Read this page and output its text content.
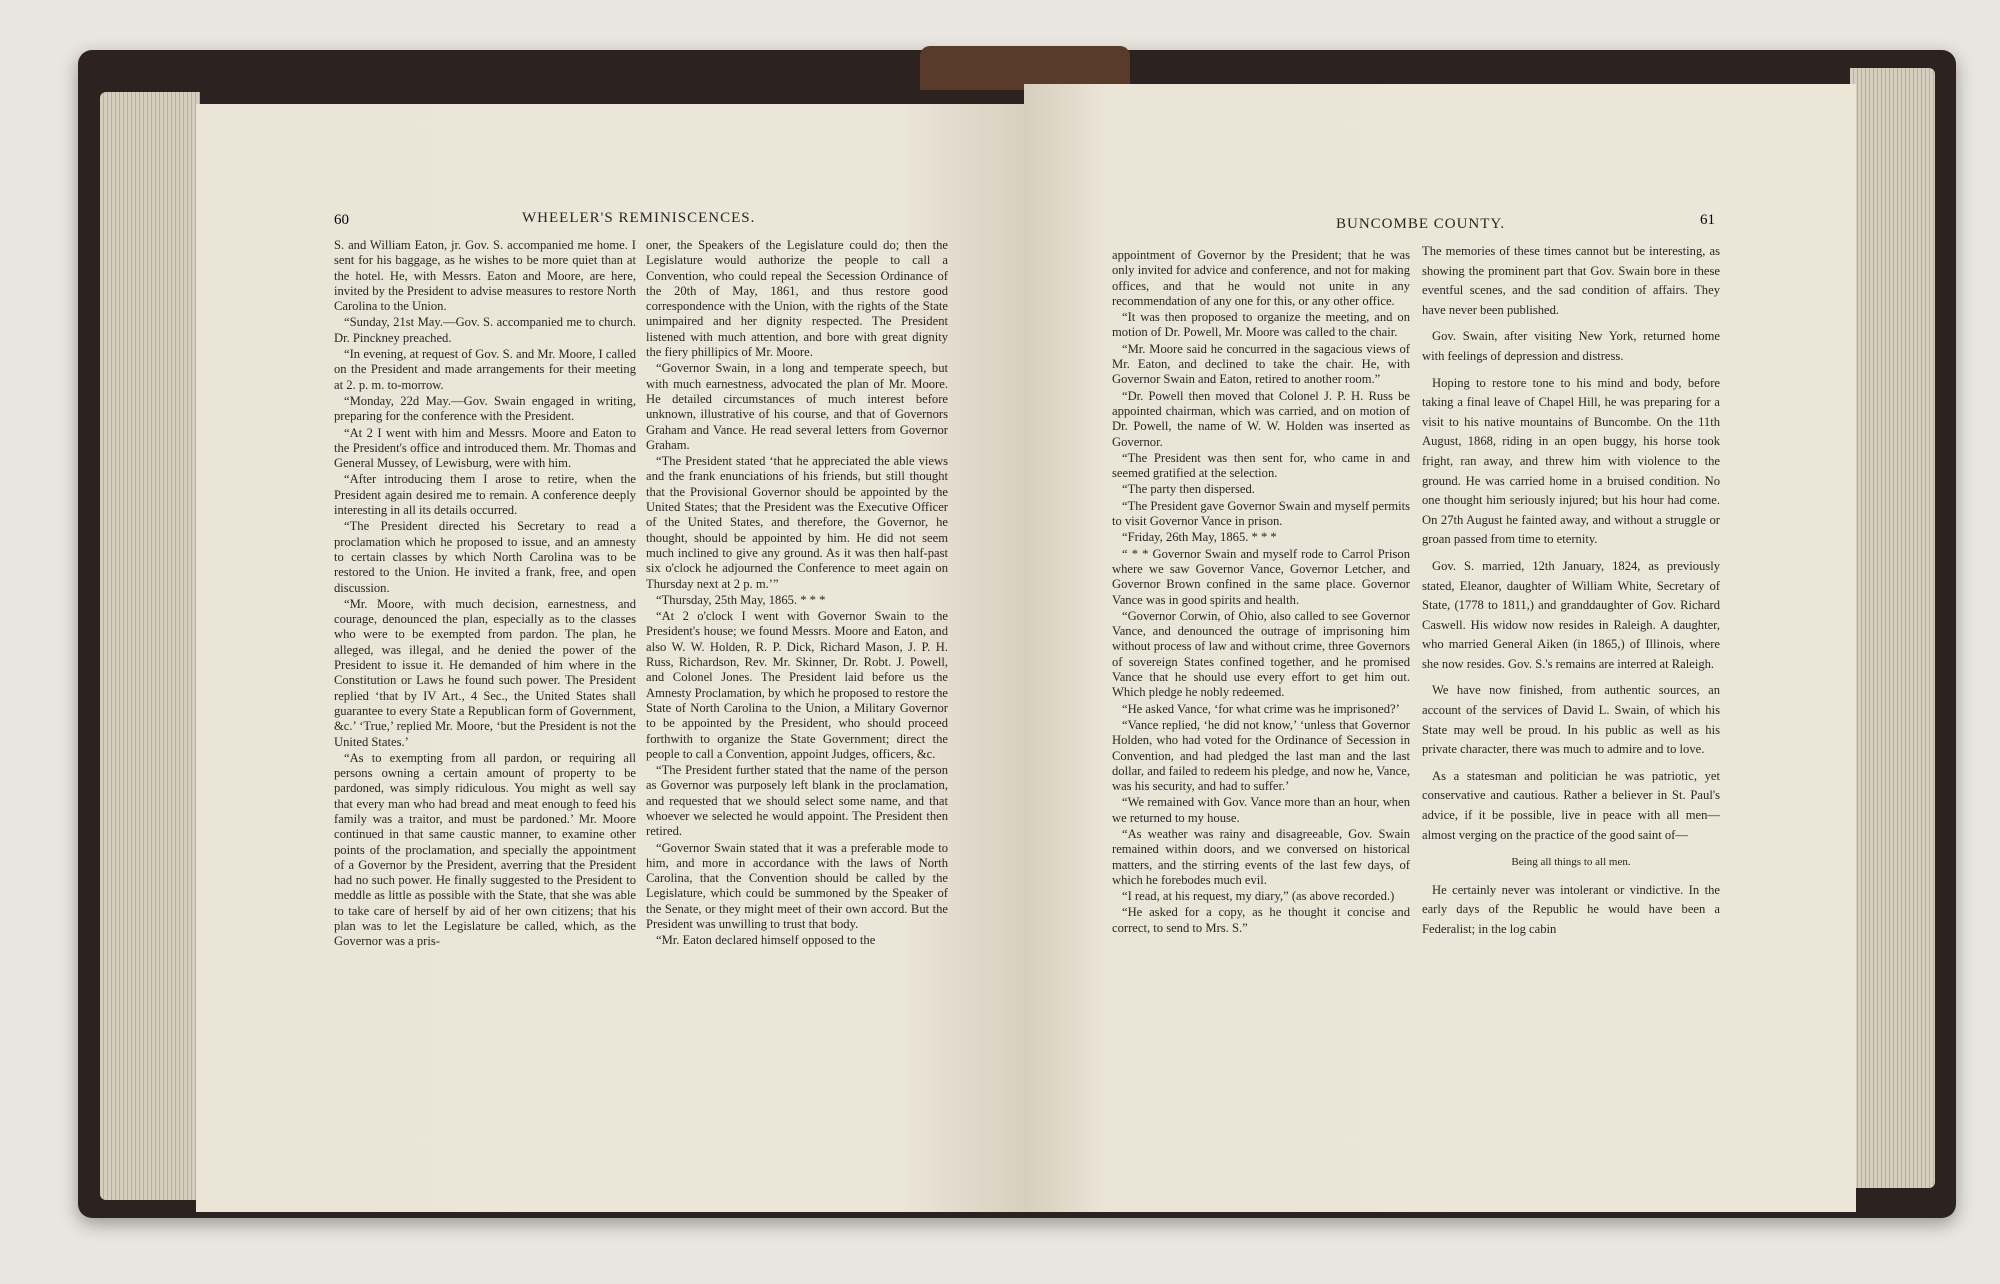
60	WHEELER'S REMINISCENCES.	BUNCOMBE COUNTY.	61

S. and William Eaton, jr. Gov. S. accompanied me home. I sent for his baggage, as he wishes to be more quiet than at the hotel. He, with Messrs. Eaton and Moore, are here, invited by the President to advise measures to restore North Carolina to the Union.

“Sunday, 21st May.—Gov. S. accompanied me to church. Dr. Pinckney preached.

“In evening, at request of Gov. S. and Mr. Moore, I called on the President and made arrangements for their meeting at 2. p. m. to-morrow.

“Monday, 22d May.—Gov. Swain engaged in writing, preparing for the conference with the President.

“At 2 I went with him and Messrs. Moore and Eaton to the President's office and introduced them. Mr. Thomas and General Mussey, of Lewisburg, were with him.

“After introducing them I arose to retire, when the President again desired me to remain. A conference deeply interesting in all its details occurred.

“The President directed his Secretary to read a proclamation which he proposed to issue, and an amnesty to certain classes by which North Carolina was to be restored to the Union. He invited a frank, free, and open discussion.

“Mr. Moore, with much decision, earnestness, and courage, denounced the plan, especially as to the classes who were to be exempted from pardon. The plan, he alleged, was illegal, and he denied the power of the President to issue it. He demanded of him where in the Constitution or Laws he found such power. The President replied ‘that by IV Art., 4 Sec., the United States shall guarantee to every State a Republican form of Government, &c.’ ‘True,’ replied Mr. Moore, ‘but the President is not the United States.’

“As to exempting from all pardon, or requiring all persons owning a certain amount of property to be pardoned, was simply ridiculous. You might as well say that every man who had bread and meat enough to feed his family was a traitor, and must be pardoned.’ Mr. Moore continued in that same caustic manner, to examine other points of the proclamation, and specially the appointment of a Governor by the President, averring that the President had no such power. He finally suggested to the President to meddle as little as possible with the State, that she was able to take care of herself by aid of her own citizens; that his plan was to let the Legislature be called, which, as the Governor was a pris-

oner, the Speakers of the Legislature could do; then the Legislature would authorize the people to call a Convention, who could repeal the Secession Ordinance of the 20th of May, 1861, and thus restore good correspondence with the Union, with the rights of the State unimpaired and her dignity respected. The President listened with much attention, and bore with great dignity the fiery phillipics of Mr. Moore.

“Governor Swain, in a long and temperate speech, but with much earnestness, advocated the plan of Mr. Moore. He detailed circumstances of much interest before unknown, illustrative of his course, and that of Governors Graham and Vance. He read several letters from Governor Graham.

“The President stated ‘that he appreciated the able views and the frank enunciations of his friends, but still thought that the Provisional Governor should be appointed by the United States; that the President was the Executive Officer of the United States, and therefore, the Governor, he thought, should be appointed by him. He did not seem much inclined to give any ground. As it was then half-past six o'clock he adjourned the Conference to meet again on Thursday next at 2 p. m.’”

“Thursday, 25th May, 1865. * * *

“At 2 o'clock I went with Governor Swain to the President's house; we found Messrs. Moore and Eaton, and also W. W. Holden, R. P. Dick, Richard Mason, J. P. H. Russ, Richardson, Rev. Mr. Skinner, Dr. Robt. J. Powell, and Colonel Jones. The President laid before us the Amnesty Proclamation, by which he proposed to restore the State of North Carolina to the Union, a Military Governor to be appointed by the President, who should proceed forthwith to organize the State Government; direct the people to call a Convention, appoint Judges, officers, &c.

“The President further stated that the name of the person as Governor was purposely left blank in the proclamation, and requested that we should select some name, and that whoever we selected he would appoint. The President then retired.

“Governor Swain stated that it was a preferable mode to him, and more in accordance with the laws of North Carolina, that the Convention should be called by the Legislature, which could be summoned by the Speaker of the Senate, or they might meet of their own accord. But the President was unwilling to trust that body.

“Mr. Eaton declared himself opposed to the

appointment of Governor by the President; that he was only invited for advice and conference, and not for making offices, and that he would not unite in any recommendation of any one for this, or any other office.

“It was then proposed to organize the meeting, and on motion of Dr. Powell, Mr. Moore was called to the chair.

“Mr. Moore said he concurred in the sagacious views of Mr. Eaton, and declined to take the chair. He, with Governor Swain and Eaton, retired to another room.”

“Dr. Powell then moved that Colonel J. P. H. Russ be appointed chairman, which was carried, and on motion of Dr. Powell, the name of W. W. Holden was inserted as Governor.

“The President was then sent for, who came in and seemed gratified at the selection.

“The party then dispersed.

“The President gave Governor Swain and myself permits to visit Governor Vance in prison.

“Friday, 26th May, 1865. * * *

“ * * Governor Swain and myself rode to Carrol Prison where we saw Governor Vance, Governor Letcher, and Governor Brown confined in the same place. Governor Vance was in good spirits and health.

“Governor Corwin, of Ohio, also called to see Governor Vance, and denounced the outrage of imprisoning him without process of law and without crime, three Governors of sovereign States confined together, and he promised Vance that he should use every effort to get him out. Which pledge he nobly redeemed.

“He asked Vance, ‘for what crime was he imprisoned?’

“Vance replied, ‘he did not know,’ ‘unless that Governor Holden, who had voted for the Ordinance of Secession in Convention, and had pledged the last man and the last dollar, and failed to redeem his pledge, and now he, Vance, was his security, and had to suffer.’

“We remained with Gov. Vance more than an hour, when we returned to my house.

“As weather was rainy and disagreeable, Gov. Swain remained within doors, and we conversed on historical matters, and the stirring events of the last few days, of which he forebodes much evil.

“I read, at his request, my diary,” (as above recorded.)

“He asked for a copy, as he thought it concise and correct, to send to Mrs. S.”

The memories of these times cannot but be interesting, as showing the prominent part that Gov. Swain bore in these eventful scenes, and the sad condition of affairs. They have never been published.

Gov. Swain, after visiting New York, returned home with feelings of depression and distress.

Hoping to restore tone to his mind and body, before taking a final leave of Chapel Hill, he was preparing for a visit to his native mountains of Buncombe. On the 11th August, 1868, riding in an open buggy, his horse took fright, ran away, and threw him with violence to the ground. He was carried home in a bruised condition. No one thought him seriously injured; but his hour had come. On 27th August he fainted away, and without a struggle or groan passed from time to eternity.

Gov. S. married, 12th January, 1824, as previously stated, Eleanor, daughter of William White, Secretary of State, (1778 to 1811,) and granddaughter of Gov. Richard Caswell. His widow now resides in Raleigh. A daughter, who married General Aiken (in 1865,) of Illinois, where she now resides. Gov. S.'s remains are interred at Raleigh.

We have now finished, from authentic sources, an account of the services of David L. Swain, of which his State may well be proud. In his public as well as his private character, there was much to admire and to love.

As a statesman and politician he was patriotic, yet conservative and cautious. Rather a believer in St. Paul's advice, if it be possible, live in peace with all men—almost verging on the practice of the good saint of—

Being all things to all men.

He certainly never was intolerant or vindictive. In the early days of the Republic he would have been a Federalist; in the log cabin
